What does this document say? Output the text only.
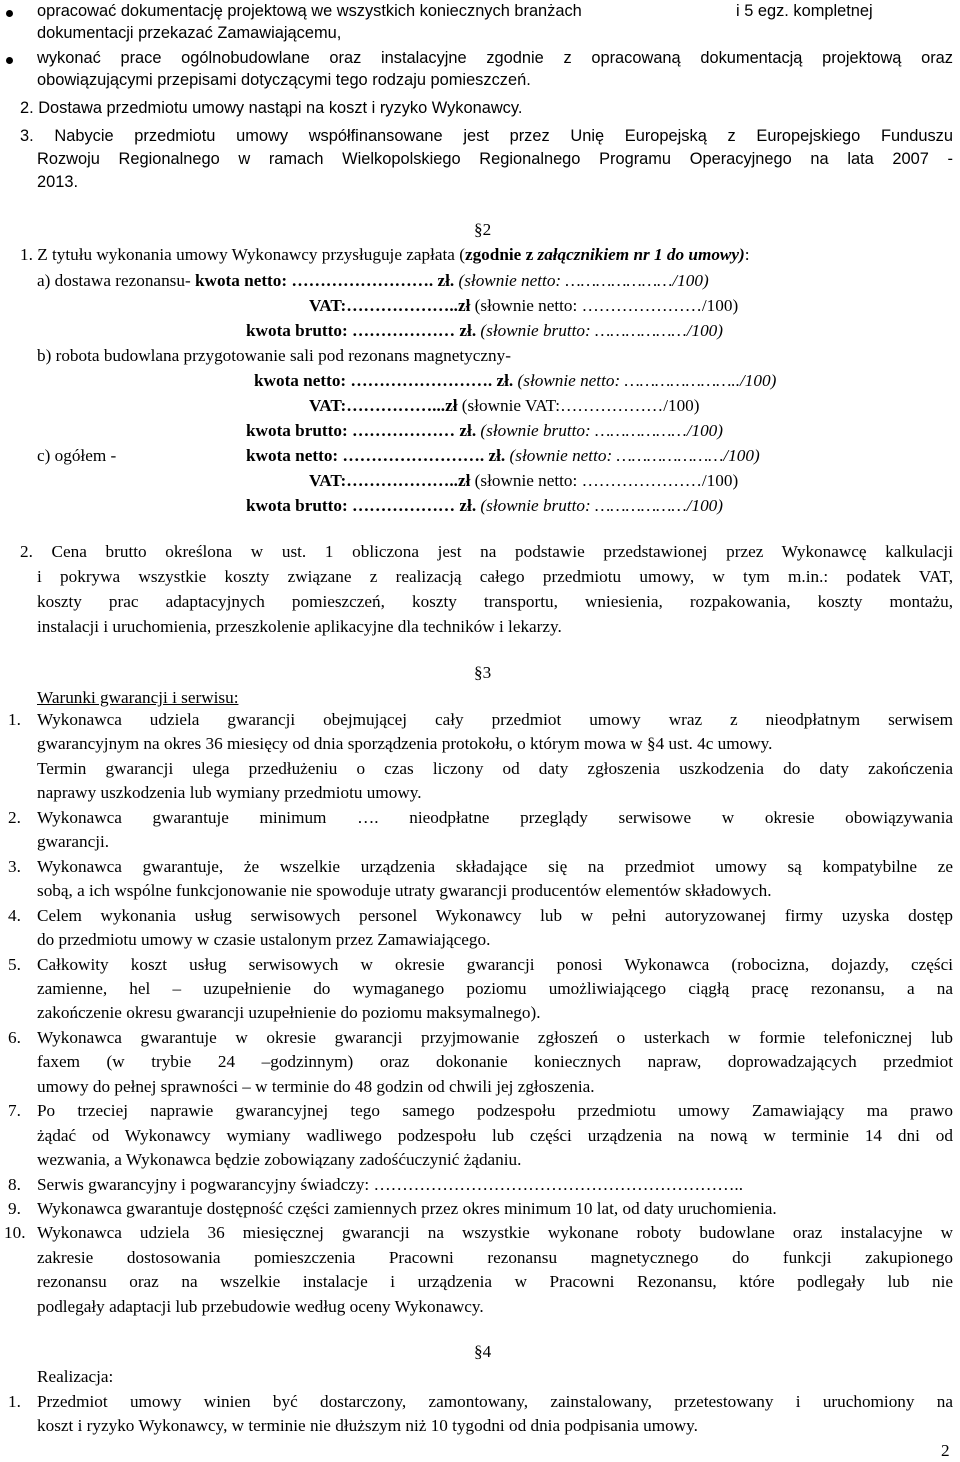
opracować dokumentację projektową we wszystkich koniecznych branżach	i 5 egz. kompletnej
dokumentacji przekazać Zamawiającemu,
wykonać prace ogólnobudowlane oraz instalacyjne zgodnie z opracowaną dokumentacją projektową oraz
obowiązującymi przepisami dotyczącymi tego rodzaju pomieszczeń.
2. Dostawa przedmiotu umowy nastąpi na koszt i ryzyko Wykonawcy.
3. Nabycie przedmiotu umowy współfinansowane jest przez Unię Europejską z Europejskiego Funduszu
Rozwoju Regionalnego w ramach Wielkopolskiego Regionalnego Programu Operacyjnego na lata 2007 -
2013.
§2
1. Z tytułu wykonania umowy Wykonawcy przysługuje zapłata (zgodnie z załącznikiem nr 1 do umowy):
a) dostawa rezonansu- kwota netto: ……………………. zł. (słownie netto: …………………/100)
VAT:………………..zł (słownie netto: …………………/100)
kwota brutto: ……………… zł. (słownie brutto: ………………/100)
b) robota budowlana przygotowanie sali pod rezonans magnetyczny-
kwota netto: ……………………. zł. (słownie netto: …………………../100)
VAT:……………...zł (słownie VAT:………………/100)
kwota brutto: ……………… zł. (słownie brutto: ………………/100)
c) ogółem -	kwota netto: ……………………. zł. (słownie netto: …………………/100)
VAT:………………..zł (słownie netto: …………………/100)
kwota brutto: ……………… zł. (słownie brutto: ………………/100)
2. Cena brutto określona w ust. 1 obliczona jest na podstawie przedstawionej przez Wykonawcę kalkulacji
i pokrywa wszystkie koszty związane z realizacją całego przedmiotu umowy, w tym m.in.: podatek VAT,
koszty prac adaptacyjnych pomieszczeń, koszty transportu, wniesienia, rozpakowania, koszty montażu,
instalacji i uruchomienia, przeszkolenie aplikacyjne dla techników i lekarzy.
§3
Warunki gwarancji i serwisu:
1. Wykonawca udziela gwarancji obejmującej cały przedmiot umowy wraz z nieodpłatnym serwisem
gwarancyjnym na okres 36 miesięcy od dnia sporządzenia protokołu, o którym mowa w §4 ust. 4c umowy.
Termin gwarancji ulega przedłużeniu o czas liczony od daty zgłoszenia uszkodzenia do daty zakończenia
naprawy uszkodzenia lub wymiany przedmiotu umowy.
2. Wykonawca gwarantuje minimum …. nieodpłatne przeglądy serwisowe w okresie obowiązywania
gwarancji.
3. Wykonawca gwarantuje, że wszelkie urządzenia składające się na przedmiot umowy są kompatybilne ze
sobą, a ich wspólne funkcjonowanie nie spowoduje utraty gwarancji producentów elementów składowych.
4. Celem wykonania usług serwisowych personel Wykonawcy lub w pełni autoryzowanej firmy uzyska dostęp
do przedmiotu umowy w czasie ustalonym przez Zamawiającego.
5. Całkowity koszt usług serwisowych w okresie gwarancji ponosi Wykonawca (robocizna, dojazdy, części
zamienne, hel – uzupełnienie do wymaganego poziomu umożliwiającego ciągłą pracę rezonansu, a na
zakończenie okresu gwarancji uzupełnienie do poziomu maksymalnego).
6. Wykonawca gwarantuje w okresie gwarancji przyjmowanie zgłoszeń o usterkach w formie telefonicznej lub
faxem (w trybie 24 –godzinnym) oraz dokonanie koniecznych napraw, doprowadzających przedmiot
umowy do pełnej sprawności – w terminie do 48 godzin od chwili jej zgłoszenia.
7. Po trzeciej naprawie gwarancyjnej tego samego podzespołu przedmiotu umowy Zamawiający ma prawo
żądać od Wykonawcy wymiany wadliwego podzespołu lub części urządzenia na nową w terminie 14 dni od
wezwania, a Wykonawca będzie zobowiązany zadośćuczynić żądaniu.
8. Serwis gwarancyjny i pogwarancyjny świadczy: ………………………………………………………..
9. Wykonawca gwarantuje dostępność części zamiennych przez okres minimum 10 lat, od daty uruchomienia.
10. Wykonawca udziela 36 miesięcznej gwarancji na wszystkie wykonane roboty budowlane oraz instalacyjne w
zakresie dostosowania pomieszczenia Pracowni rezonansu magnetycznego do funkcji zakupionego
rezonansu oraz na wszelkie instalacje i urządzenia w Pracowni Rezonansu, które podlegały lub nie
podlegały adaptacji lub przebudowie według oceny Wykonawcy.
§4
Realizacja:
1. Przedmiot umowy winien być dostarczony, zamontowany, zainstalowany, przetestowany i uruchomiony na
koszt i ryzyko Wykonawcy, w terminie nie dłuższym niż 10 tygodni od dnia podpisania umowy.
2
